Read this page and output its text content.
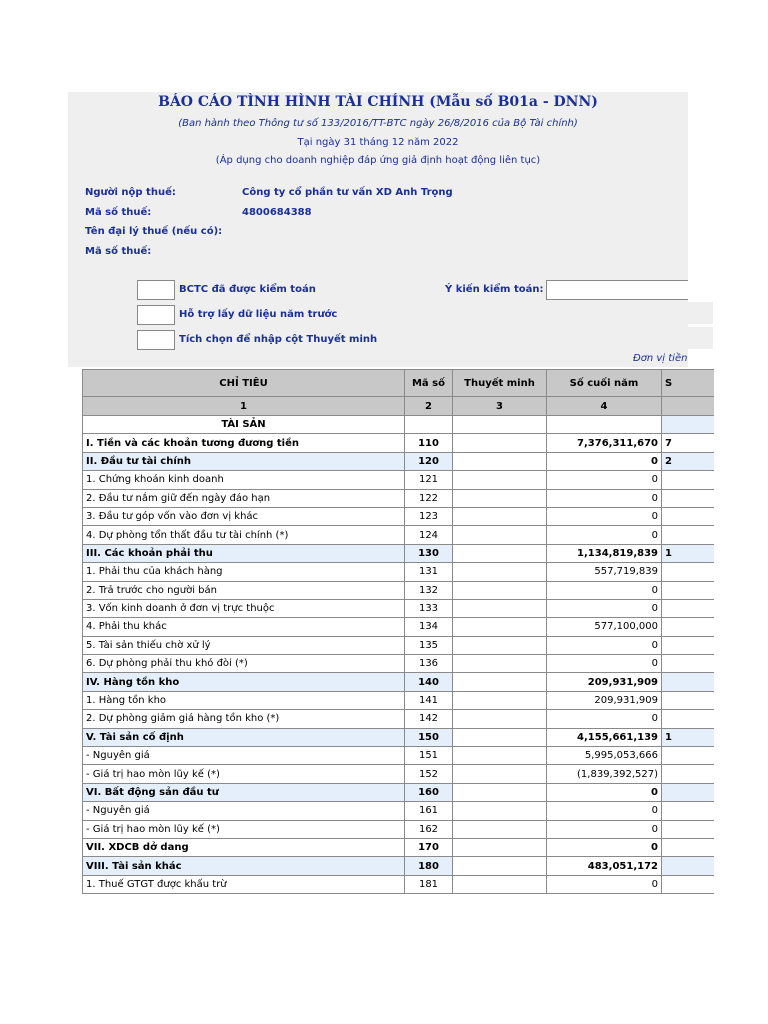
BÁO CÁO TÌNH HÌNH TÀI CHÍNH (Mẫu số B01a - DNN)
(Ban hành theo Thông tư số 133/2016/TT-BTC ngày 26/8/2016 của Bộ Tài chính)
Tại ngày 31 tháng 12 năm 2022
(Áp dụng cho doanh nghiệp đáp ứng giả định hoạt động liên tục)
Người nộp thuế:	Công ty cổ phần tư vấn XD Anh Trọng
Mã số thuế:	4800684388
Tên đại lý thuế (nếu có):
Mã số thuế:
BCTC đã được kiểm toán
Hỗ trợ lấy dữ liệu năm trước
Tích chọn để nhập cột Thuyết minh
Ý kiến kiểm toán:
Đơn vị tiền
CHỈ TIÊU	Mã số	Thuyết minh	Số cuối năm	S
1	2	3	4	
TÀI SẢN				
I. Tiền và các khoản tương đương tiền	110		7,376,311,670	7
II. Đầu tư tài chính	120		0	2
1. Chứng khoán kinh doanh	121		0	
2. Đầu tư nắm giữ đến ngày đáo hạn	122		0	
3. Đầu tư góp vốn vào đơn vị khác	123		0	
4. Dự phòng tổn thất đầu tư tài chính (*)	124		0	
III. Các khoản phải thu	130		1,134,819,839	1
1. Phải thu của khách hàng	131		557,719,839	
2. Trả trước cho người bán	132		0	
3. Vốn kinh doanh ở đơn vị trực thuộc	133		0	
4. Phải thu khác	134		577,100,000	
5. Tài sản thiếu chờ xử lý	135		0	
6. Dự phòng phải thu khó đòi (*)	136		0	
IV. Hàng tồn kho	140		209,931,909	
1. Hàng tồn kho	141		209,931,909	
2. Dự phòng giảm giá hàng tồn kho (*)	142		0	
V. Tài sản cố định	150		4,155,661,139	1
- Nguyên giá	151		5,995,053,666	
- Giá trị hao mòn lũy kế (*)	152		(1,839,392,527)	
VI. Bất động sản đầu tư	160		0	
- Nguyên giá	161		0	
- Giá trị hao mòn lũy kế (*)	162		0	
VII. XDCB dở dang	170		0	
VIII. Tài sản khác	180		483,051,172	
1. Thuế GTGT được khấu trừ	181		0	
